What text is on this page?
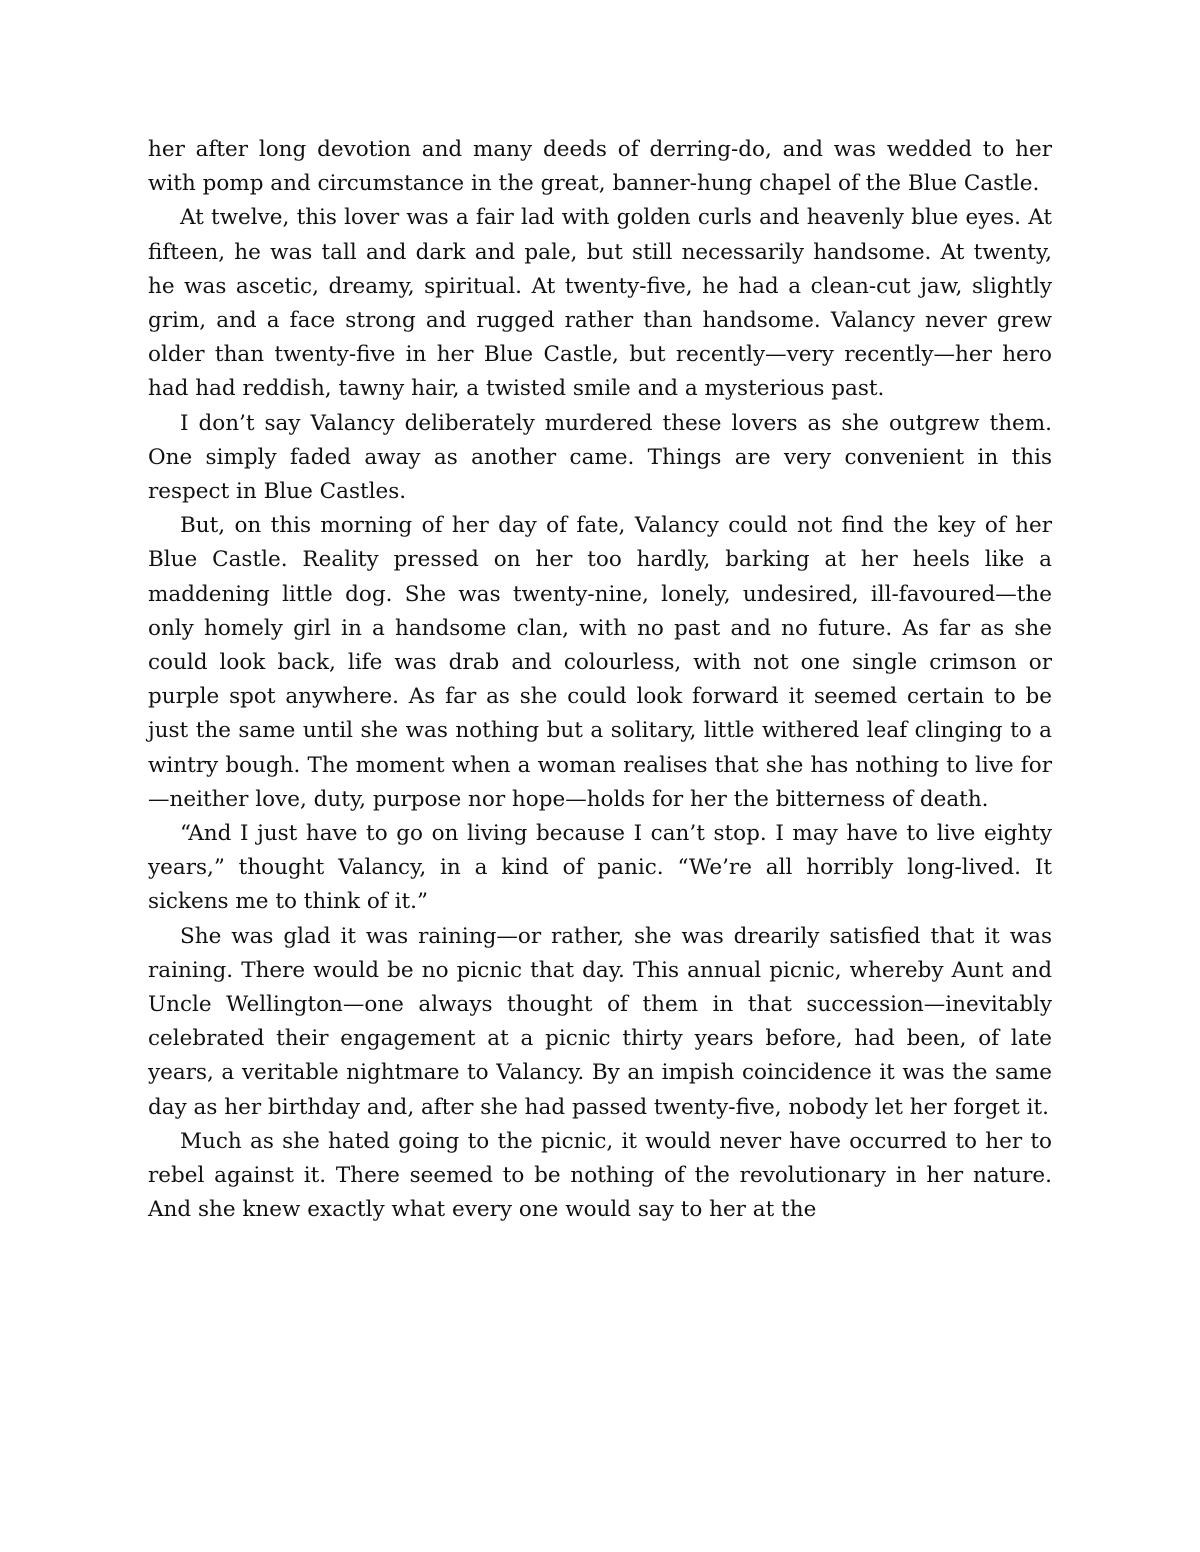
her after long devotion and many deeds of derring-do, and was wedded to her with pomp and circumstance in the great, banner-hung chapel of the Blue Castle.

At twelve, this lover was a fair lad with golden curls and heavenly blue eyes. At fifteen, he was tall and dark and pale, but still necessarily handsome. At twenty, he was ascetic, dreamy, spiritual. At twenty-five, he had a clean-cut jaw, slightly grim, and a face strong and rugged rather than handsome. Valancy never grew older than twenty-five in her Blue Castle, but recently—very recently—her hero had had reddish, tawny hair, a twisted smile and a mysterious past.

I don’t say Valancy deliberately murdered these lovers as she outgrew them. One simply faded away as another came. Things are very convenient in this respect in Blue Castles.

But, on this morning of her day of fate, Valancy could not find the key of her Blue Castle. Reality pressed on her too hardly, barking at her heels like a maddening little dog. She was twenty-nine, lonely, undesired, ill-favoured—the only homely girl in a handsome clan, with no past and no future. As far as she could look back, life was drab and colourless, with not one single crimson or purple spot anywhere. As far as she could look forward it seemed certain to be just the same until she was nothing but a solitary, little withered leaf clinging to a wintry bough. The moment when a woman realises that she has nothing to live for—neither love, duty, purpose nor hope—holds for her the bitterness of death.

“And I just have to go on living because I can’t stop. I may have to live eighty years,” thought Valancy, in a kind of panic. “We’re all horribly long-lived. It sickens me to think of it.”

She was glad it was raining—or rather, she was drearily satisfied that it was raining. There would be no picnic that day. This annual picnic, whereby Aunt and Uncle Wellington—one always thought of them in that succession—inevitably celebrated their engagement at a picnic thirty years before, had been, of late years, a veritable nightmare to Valancy. By an impish coincidence it was the same day as her birthday and, after she had passed twenty-five, nobody let her forget it.

Much as she hated going to the picnic, it would never have occurred to her to rebel against it. There seemed to be nothing of the revolutionary in her nature. And she knew exactly what every one would say to her at the
